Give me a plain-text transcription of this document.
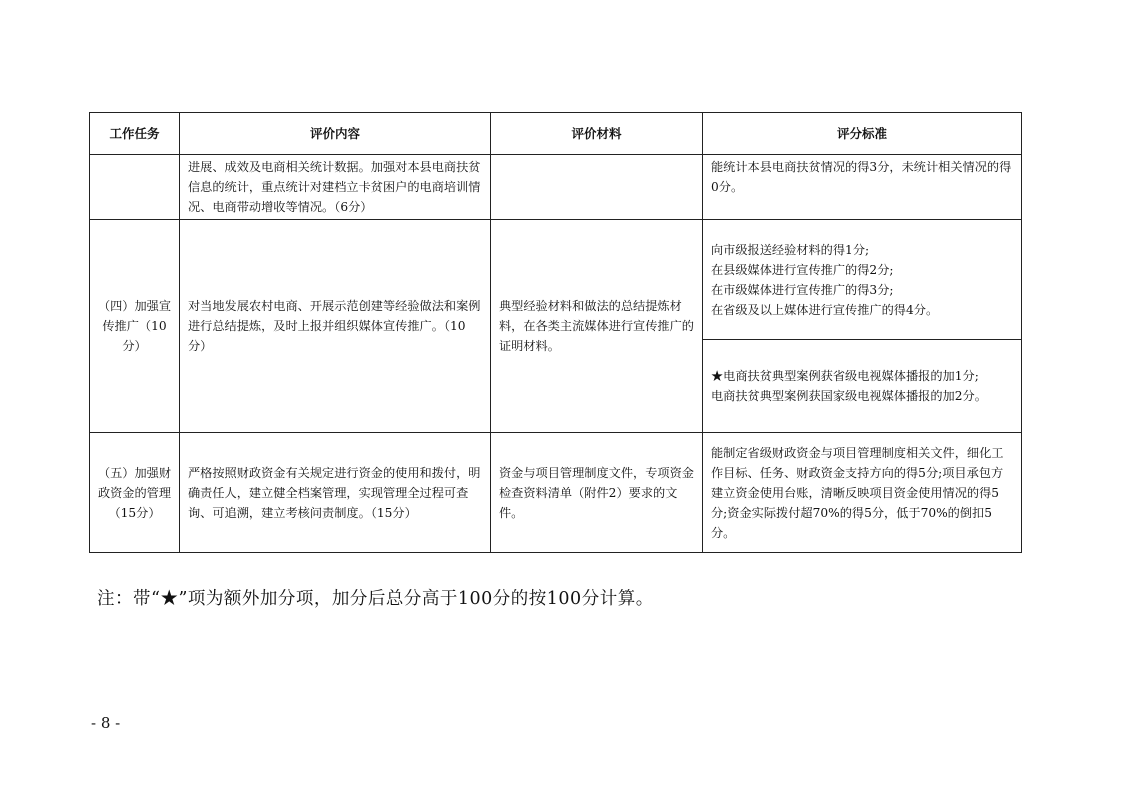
工作任务	评价内容	评价材料	评分标准
	进展、成效及电商相关统计数据。加强对本县电商扶贫信息的统计，重点统计对建档立卡贫困户的电商培训情况、电商带动增收等情况。（6分）		能统计本县电商扶贫情况的得3分，未统计相关情况的得0分。
（四）加强宣传推广（10分）	对当地发展农村电商、开展示范创建等经验做法和案例进行总结提炼，及时上报并组织媒体宣传推广。（10分）	典型经验材料和做法的总结提炼材料，在各类主流媒体进行宣传推广的证明材料。	向市级报送经验材料的得1分;
在县级媒体进行宣传推广的得2分;
在市级媒体进行宣传推广的得3分;
在省级及以上媒体进行宣传推广的得4分。

			★电商扶贫典型案例获省级电视媒体播报的加1分;
电商扶贫典型案例获国家级电视媒体播报的加2分。

（五）加强财政资金的管理（15分）	严格按照财政资金有关规定进行资金的使用和拨付，明确责任人，建立健全档案管理，实现管理全过程可查询、可追溯，建立考核问责制度。（15分）	资金与项目管理制度文件，专项资金检查资料清单（附件2）要求的文件。	能制定省级财政资金与项目管理制度相关文件，细化工作目标、任务、财政资金支持方向的得5分;项目承包方建立资金使用台账，清晰反映项目资金使用情况的得5分;资金实际拨付超70%的得5分，低于70%的倒扣5分。
注：带“★”项为额外加分项，加分后总分高于100分的按100分计算。
- 8 -
